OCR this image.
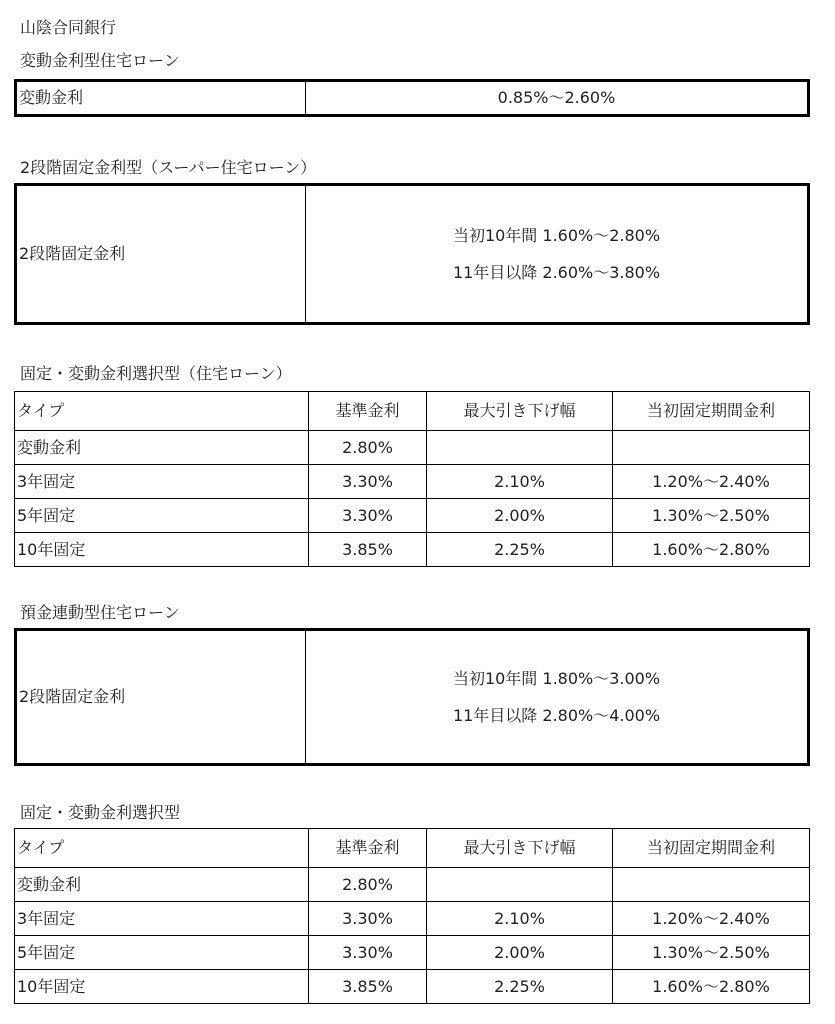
山陰合同銀行
変動金利型住宅ローン
変動金利	0.85%～2.60%
2段階固定金利型（スーパー住宅ローン）
2段階固定金利	
当初10年間 1.60%～2.80%
11年目以降 2.60%～3.80%
固定・変動金利選択型（住宅ローン）
タイプ	基準金利	最大引き下げ幅	当初固定期間金利
変動金利	2.80%		
3年固定	3.30%	2.10%	1.20%～2.40%
5年固定	3.30%	2.00%	1.30%～2.50%
10年固定	3.85%	2.25%	1.60%～2.80%
預金連動型住宅ローン
2段階固定金利	
当初10年間 1.80%～3.00%
11年目以降 2.80%～4.00%
固定・変動金利選択型
タイプ	基準金利	最大引き下げ幅	当初固定期間金利
変動金利	2.80%		
3年固定	3.30%	2.10%	1.20%～2.40%
5年固定	3.30%	2.00%	1.30%～2.50%
10年固定	3.85%	2.25%	1.60%～2.80%
